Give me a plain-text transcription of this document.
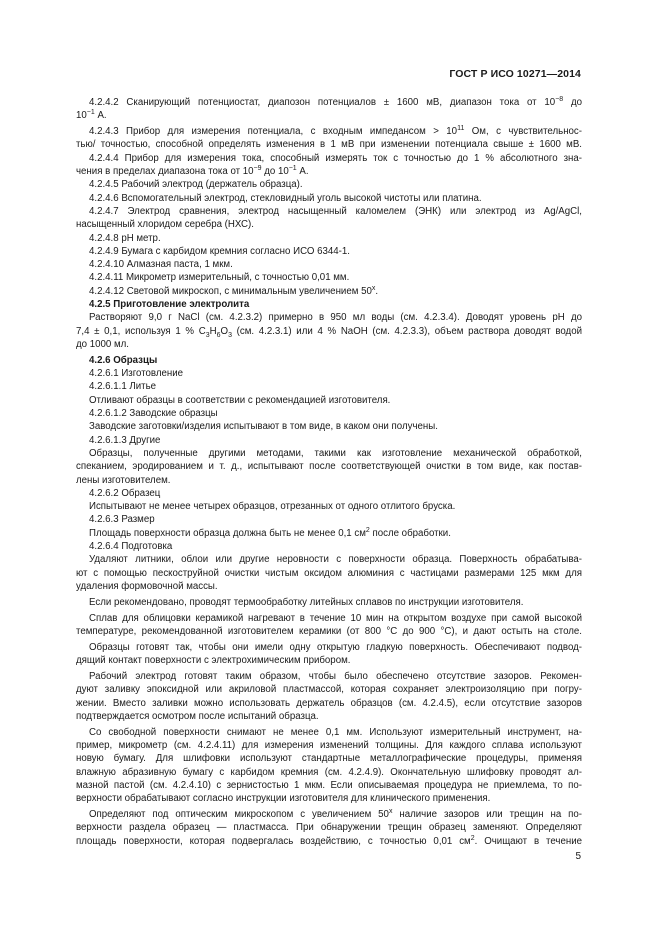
ГОСТ Р ИСО 10271—2014
4.2.4.2 Сканирующий потенциостат, диапозон потенциалов ± 1600 мВ, диапазон тока от $10^{-8}$ до
$10^{-1}$ А.
4.2.4.3 Прибор для измерения потенциала, с входным импедансом > $10^{11}$ Ом, с чувствительнос-
тью/ точностью, способной определять изменения в 1 мВ при изменении потенциала свыше ± 1600 мВ.
4.2.4.4 Прибор для измерения тока, способный измерять ток с точностью до 1 % абсолютного зна-
чения в пределах диапазона тока от $10^{-9}$ до $10^{-1}$ А.
4.2.4.5 Рабочий электрод (держатель образца).
4.2.4.6 Вспомогательный электрод, стекловидный уголь высокой чистоты или платина.
4.2.4.7 Электрод сравнения, электрод насыщенный каломелем (ЭНК) или электрод из Ag/AgCl,
насыщенный хлоридом серебра (НХС).
4.2.4.8 рН метр.
4.2.4.9 Бумага с карбидом кремния согласно ИСО 6344-1.
4.2.4.10 Алмазная паста, 1 мкм.
4.2.4.11 Микрометр измерительный, с точностью 0,01 мм.
4.2.4.12 Световой микроскоп, с минимальным увеличением 50$^x$.
4.2.5 Приготовление электролита
Растворяют 9,0 г NaCl (см. 4.2.3.2) примерно в 950 мл воды (см. 4.2.3.4). Доводят уровень рН до
7,4 ± 0,1, используя 1 % $C_3H_6O_3$ (см. 4.2.3.1) или 4 % NaOH (см. 4.2.3.3), объем раствора доводят водой
до 1000 мл.
4.2.6 Образцы
4.2.6.1 Изготовление
4.2.6.1.1 Литье
Отливают образцы в соответствии с рекомендацией изготовителя.
4.2.6.1.2 Заводские образцы
Заводские заготовки/изделия испытывают в том виде, в каком они получены.
4.2.6.1.3 Другие
Образцы, полученные другими методами, такими как изготовление механической обработкой,
спеканием, эродированием и т. д., испытывают после соответствующей очистки в том виде, как постав-
лены изготовителем.
4.2.6.2 Образец
Испытывают не менее четырех образцов, отрезанных от одного отлитого бруска.
4.2.6.3 Размер
Площадь поверхности образца должна быть не менее 0,1 $см^2$ после обработки.
4.2.6.4 Подготовка
Удаляют литники, облои или другие неровности с поверхности образца. Поверхность обрабатыва-
ют с помощью пескоструйной очистки чистым оксидом алюминия с частицами размерами 125 мкм для
удаления формовочной массы.
Если рекомендовано, проводят термообработку литейных сплавов по инструкции изготовителя.
Сплав для облицовки керамикой нагревают в течение 10 мин на открытом воздухе при самой высокой
температуре, рекомендованной изготовителем керамики (от 800 °С до 900 °С), и дают остыть на столе.
Образцы готовят так, чтобы они имели одну открытую гладкую поверхность. Обеспечивают подвод-
дящий контакт поверхности с электрохимическим прибором.
Рабочий электрод готовят таким образом, чтобы было обеспечено отсутствие зазоров. Рекомен-
дуют заливку эпоксидной или акриловой пластмассой, которая сохраняет электроизоляцию при погру-
жении. Вместо заливки можно использовать держатель образцов (см. 4.2.4.5), если отсутствие зазоров
подтверждается осмотром после испытаний образца.
Со свободной поверхности снимают не менее 0,1 мм. Используют измерительный инструмент, на-
пример, микрометр (см. 4.2.4.11) для измерения изменений толщины. Для каждого сплава используют
новую бумагу. Для шлифовки используют стандартные металлографические процедуры, применяя
влажную абразивную бумагу с карбидом кремния (см. 4.2.4.9). Окончательную шлифовку проводят ал-
мазной пастой (см. 4.2.4.10) с зернистостью 1 мкм. Если описываемая процедура не приемлема, то по-
верхности обрабатывают согласно инструкции изготовителя для клинического применения.
Определяют под оптическим микроскопом с увеличением 50$^x$ наличие зазоров или трещин на по-
верхности раздела образец — пластмасса. При обнаружении трещин образец заменяют. Определяют
площадь поверхности, которая подвергалась воздействию, с точностью 0,01 $см^2$. Очищают в течение
5
